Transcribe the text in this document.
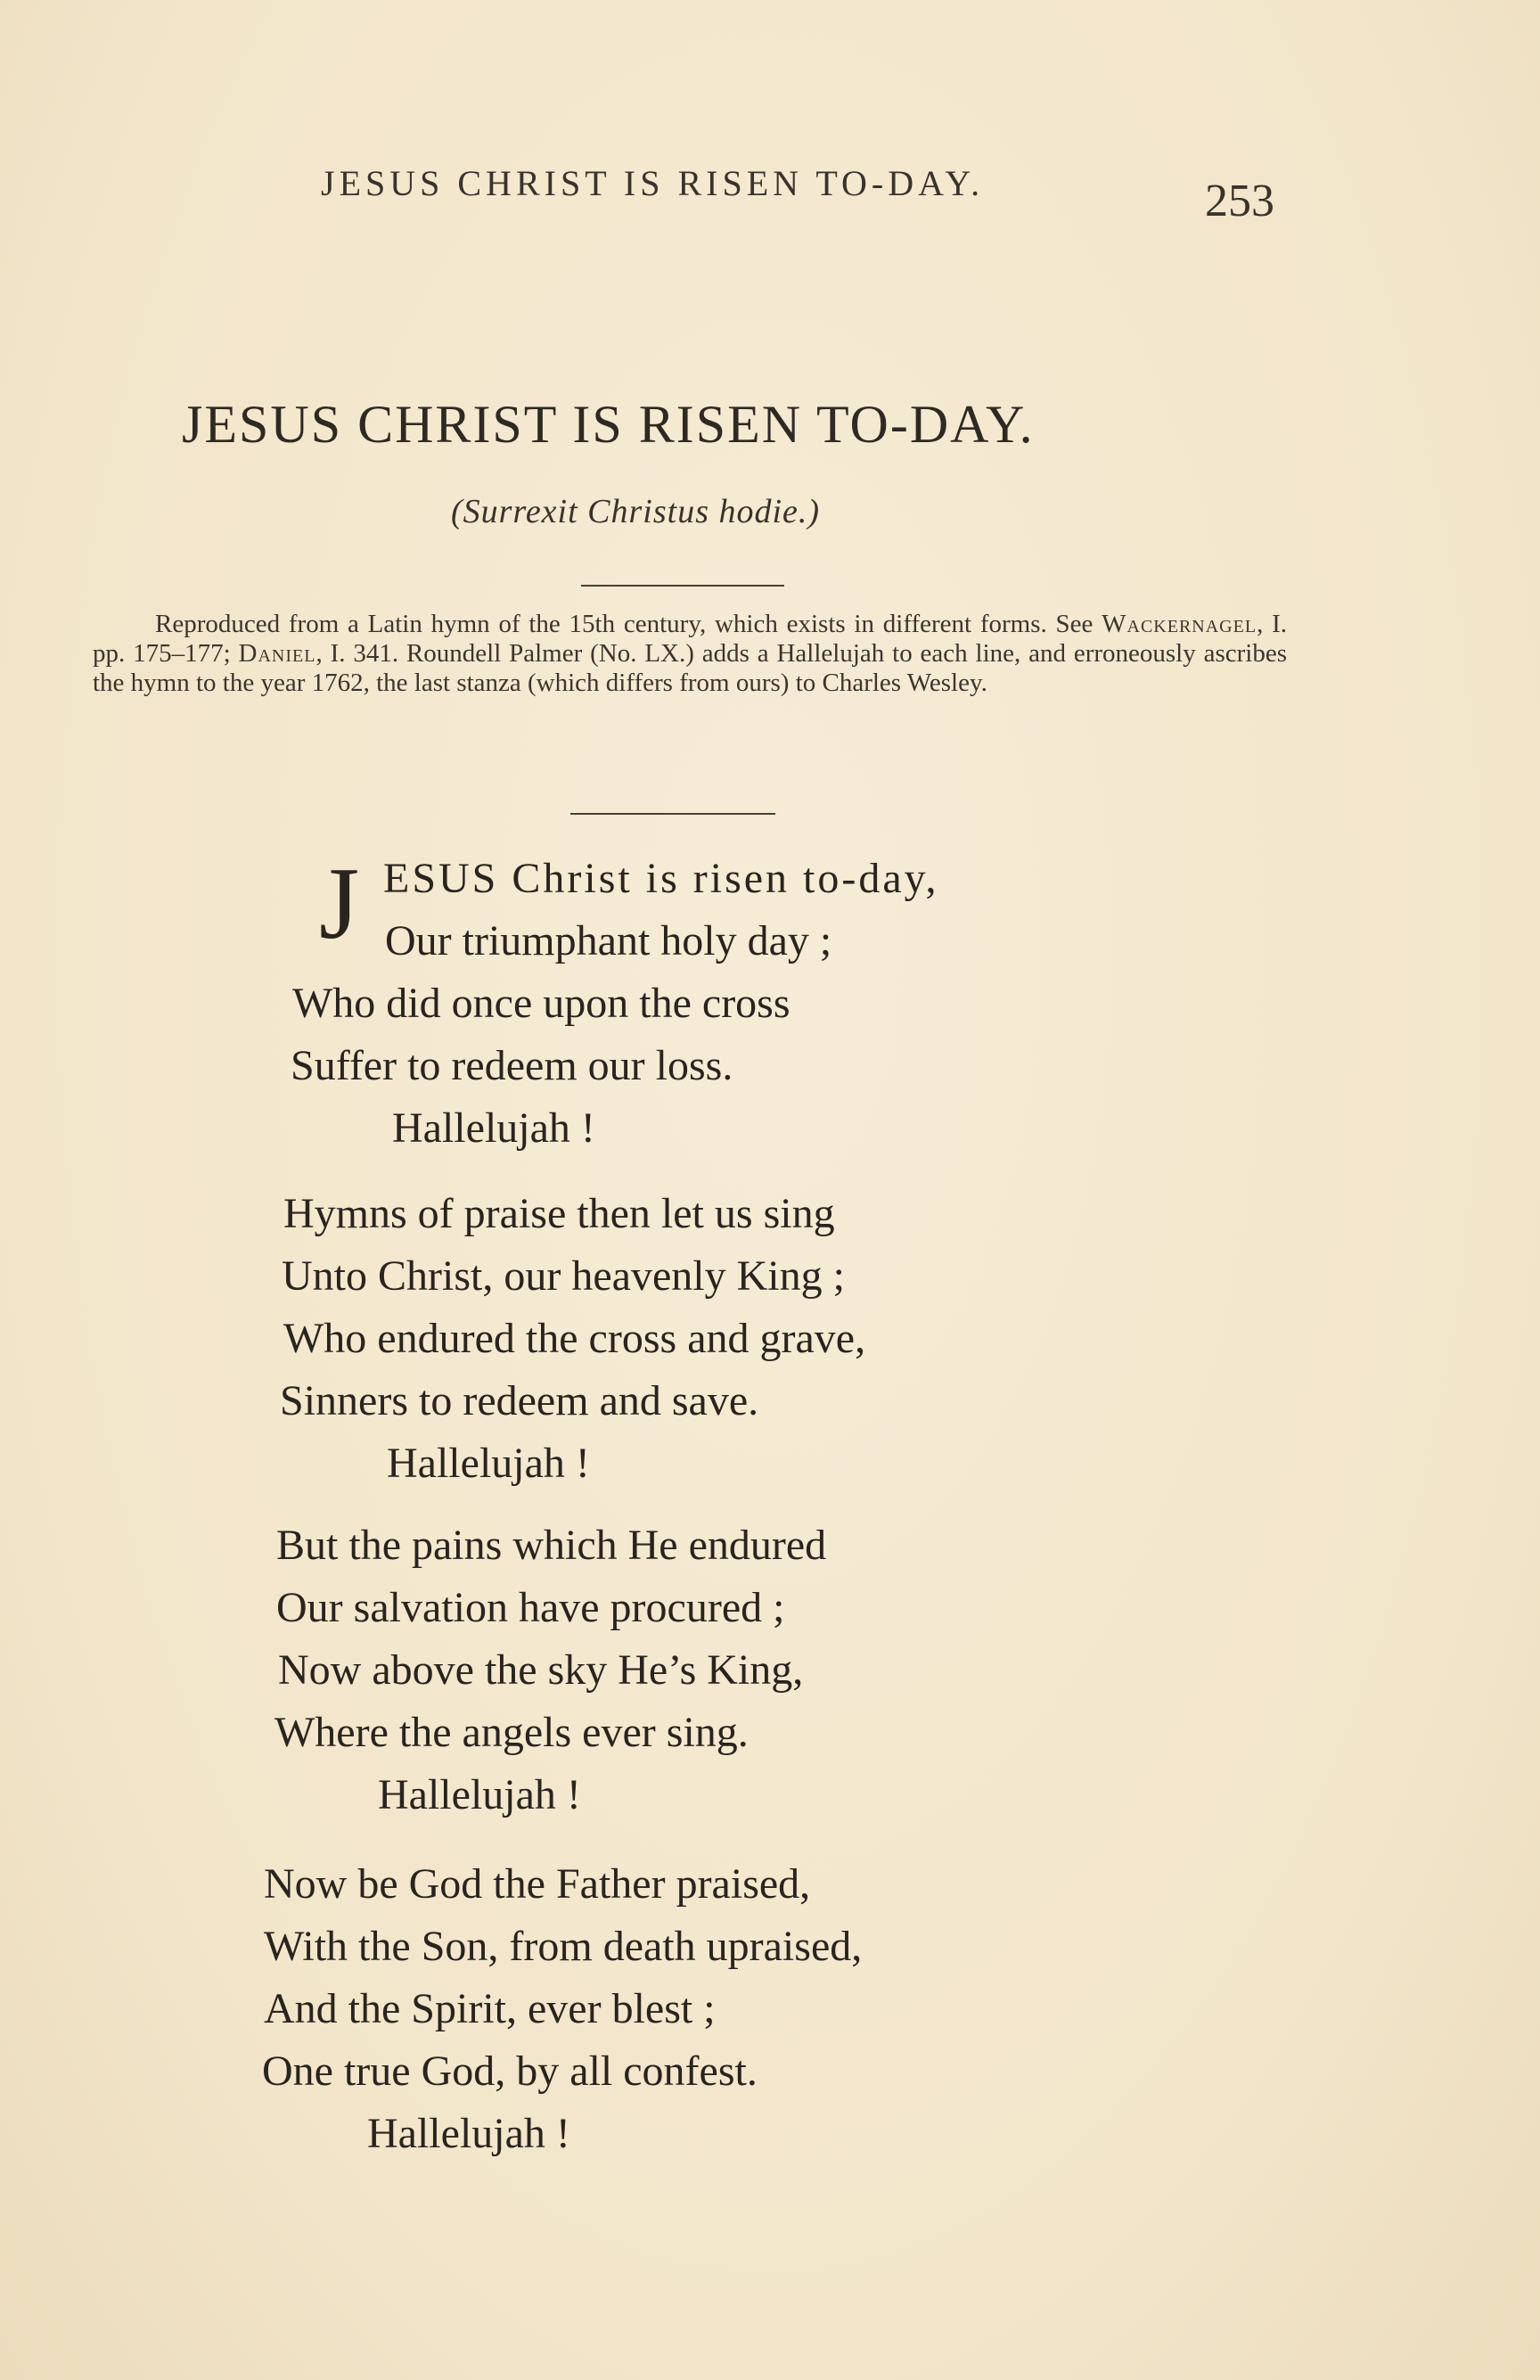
JESUS CHRIST IS RISEN TO-DAY.	253
JESUS CHRIST IS RISEN TO-DAY.
(Surrexit Christus hodie.)

Reproduced from a Latin hymn of the 15th century, which exists in different forms. See Wackernagel, I. pp. 175–177; Daniel, I. 341. Roundell Palmer (No. LX.) adds a Hallelujah to each line, and erroneously ascribes the hymn to the year 1762, the last stanza (which differs from ours) to Charles Wesley.

J ESUS Christ is risen to-day,
Our triumphant holy day ;
Who did once upon the cross
Suffer to redeem our loss.
Hallelujah !
Hymns of praise then let us sing
Unto Christ, our heavenly King ;
Who endured the cross and grave,
Sinners to redeem and save.
Hallelujah !
But the pains which He endured
Our salvation have procured ;
Now above the sky He’s King,
Where the angels ever sing.
Hallelujah !
Now be God the Father praised,
With the Son, from death upraised,
And the Spirit, ever blest ;
One true God, by all confest.
Hallelujah !
